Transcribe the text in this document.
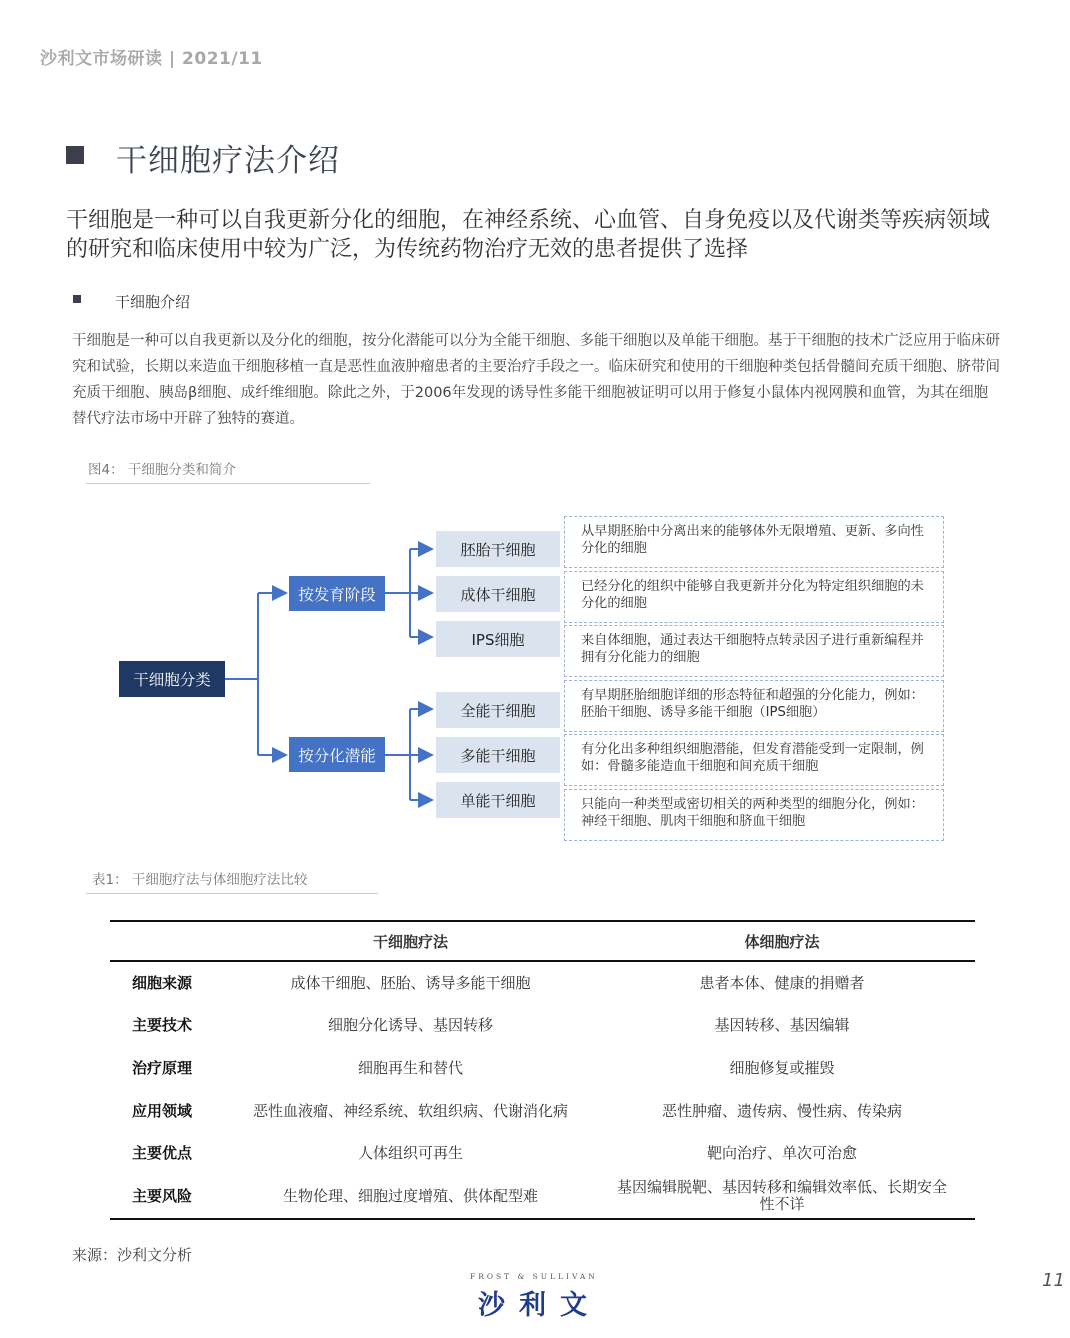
沙利文市场研读 | 2021/11
干细胞疗法介绍
干细胞是一种可以自我更新分化的细胞，在神经系统、心血管、自身免疫以及代谢类等疾病领域的研究和临床使用中较为广泛，为传统药物治疗无效的患者提供了选择
干细胞介绍
干细胞是一种可以自我更新以及分化的细胞，按分化潜能可以分为全能干细胞、多能干细胞以及单能干细胞。基于干细胞的技术广泛应用于临床研究和试验，长期以来造血干细胞移植一直是恶性血液肿瘤患者的主要治疗手段之一。临床研究和使用的干细胞种类包括骨髓间充质干细胞、脐带间充质干细胞、胰岛β细胞、成纤维细胞。除此之外，于2006年发现的诱导性多能干细胞被证明可以用于修复小鼠体内视网膜和血管，为其在细胞替代疗法市场中开辟了独特的赛道。
图4： 干细胞分类和简介
干细胞分类
按发育阶段
按分化潜能
胚胎干细胞
成体干细胞
IPS细胞
全能干细胞
多能干细胞
单能干细胞
从早期胚胎中分离出来的能够体外无限增殖、更新、多向性分化的细胞
已经分化的组织中能够自我更新并分化为特定组织细胞的未分化的细胞
来自体细胞，通过表达干细胞特点转录因子进行重新编程并拥有分化能力的细胞
有早期胚胎细胞详细的形态特征和超强的分化能力，例如：胚胎干细胞、诱导多能干细胞（IPS细胞）
有分化出多种组织细胞潜能，但发育潜能受到一定限制，例如：骨髓多能造血干细胞和间充质干细胞
只能向一种类型或密切相关的两种类型的细胞分化，例如：神经干细胞、肌肉干细胞和脐血干细胞
表1： 干细胞疗法与体细胞疗法比较
	干细胞疗法	体细胞疗法
细胞来源	成体干细胞、胚胎、诱导多能干细胞	患者本体、健康的捐赠者
主要技术	细胞分化诱导、基因转移	基因转移、基因编辑
治疗原理	细胞再生和替代	细胞修复或摧毁
应用领域	恶性血液瘤、神经系统、软组织病、代谢消化病	恶性肿瘤、遗传病、慢性病、传染病
主要优点	人体组织可再生	靶向治疗、单次可治愈
主要风险	生物伦理、细胞过度增殖、供体配型难	基因编辑脱靶、基因转移和编辑效率低、长期安全性不详
来源：沙利文分析
FROST & SULLIVAN
沙利文
11
